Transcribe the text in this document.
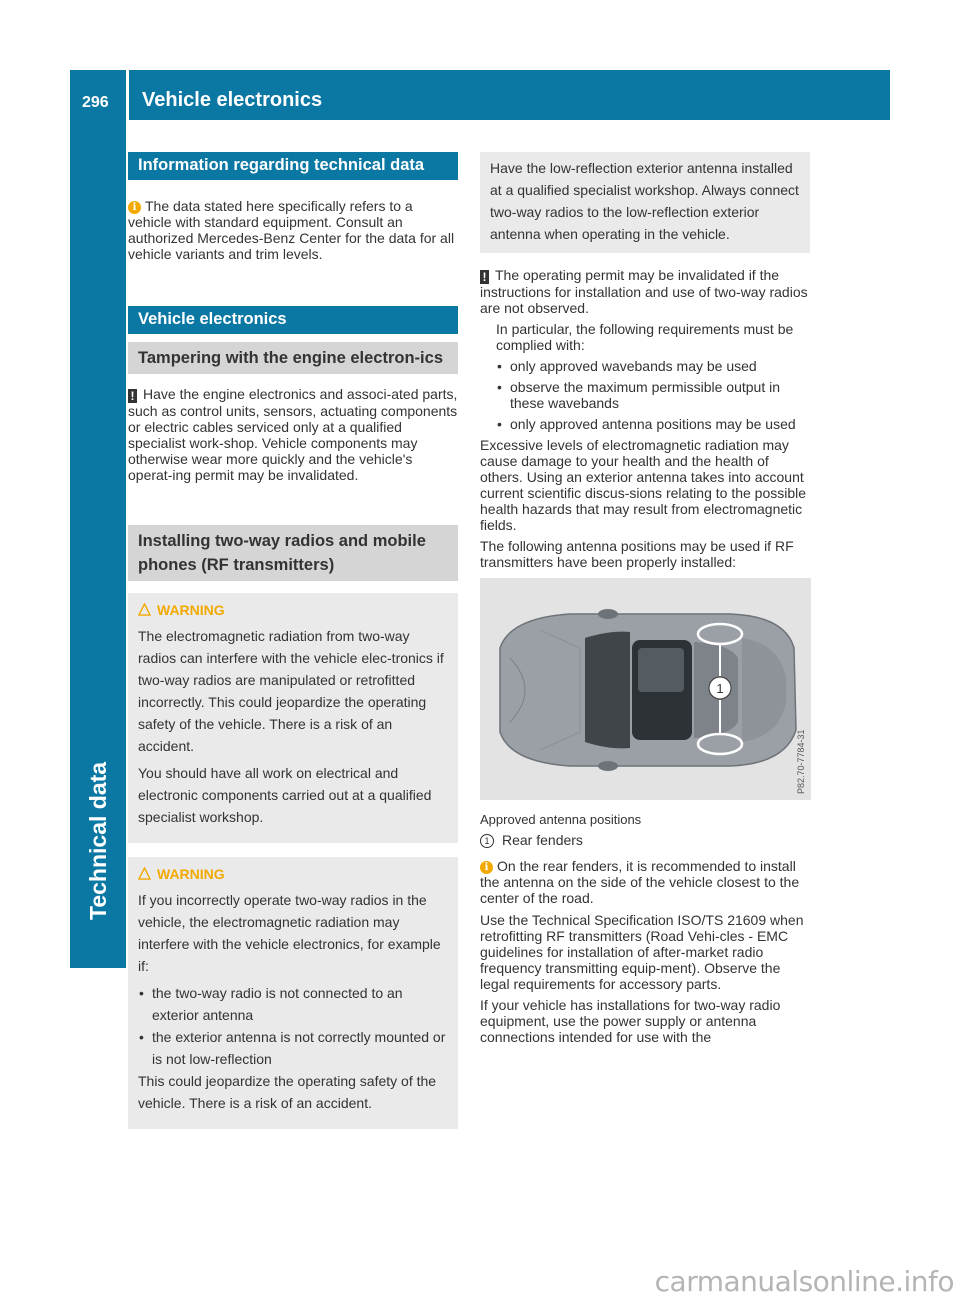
296 Vehicle electronics
Technical data
Information regarding technical data
i The data stated here specifically refers to a vehicle with standard equipment. Consult an authorized Mercedes-Benz Center for the data for all vehicle variants and trim levels.
Vehicle electronics
Tampering with the engine electron-ics
! Have the engine electronics and associ-ated parts, such as control units, sensors, actuating components or electric cables serviced only at a qualified specialist work-shop. Vehicle components may otherwise wear more quickly and the vehicle's operat-ing permit may be invalidated.
Installing two-way radios and mobile phones (RF transmitters)
WARNING
The electromagnetic radiation from two-way radios can interfere with the vehicle elec-tronics if two-way radios are manipulated or retrofitted incorrectly. This could jeopardize the operating safety of the vehicle. There is a risk of an accident.
You should have all work on electrical and electronic components carried out at a qualified specialist workshop.
WARNING
If you incorrectly operate two-way radios in the vehicle, the electromagnetic radiation may interfere with the vehicle electronics, for example if:
• the two-way radio is not connected to an exterior antenna
• the exterior antenna is not correctly mounted or is not low-reflection
This could jeopardize the operating safety of the vehicle. There is a risk of an accident.
Have the low-reflection exterior antenna installed at a qualified specialist workshop. Always connect two-way radios to the low-reflection exterior antenna when operating in the vehicle.
! The operating permit may be invalidated if the instructions for installation and use of two-way radios are not observed.
In particular, the following requirements must be complied with:
• only approved wavebands may be used
• observe the maximum permissible output in these wavebands
• only approved antenna positions may be used
Excessive levels of electromagnetic radiation may cause damage to your health and the health of others. Using an exterior antenna takes into account current scientific discus-sions relating to the possible health hazards that may result from electromagnetic fields.
The following antenna positions may be used if RF transmitters have been properly installed:
1
P82.70-7784-31
Approved antenna positions
1 Rear fenders
i On the rear fenders, it is recommended to install the antenna on the side of the vehicle closest to the center of the road.
Use the Technical Specification ISO/TS 21609 when retrofitting RF transmitters (Road Vehi-cles - EMC guidelines for installation of after-market radio frequency transmitting equip-ment). Observe the legal requirements for accessory parts.
If your vehicle has installations for two-way radio equipment, use the power supply or antenna connections intended for use with the
carmanualsonline.info
